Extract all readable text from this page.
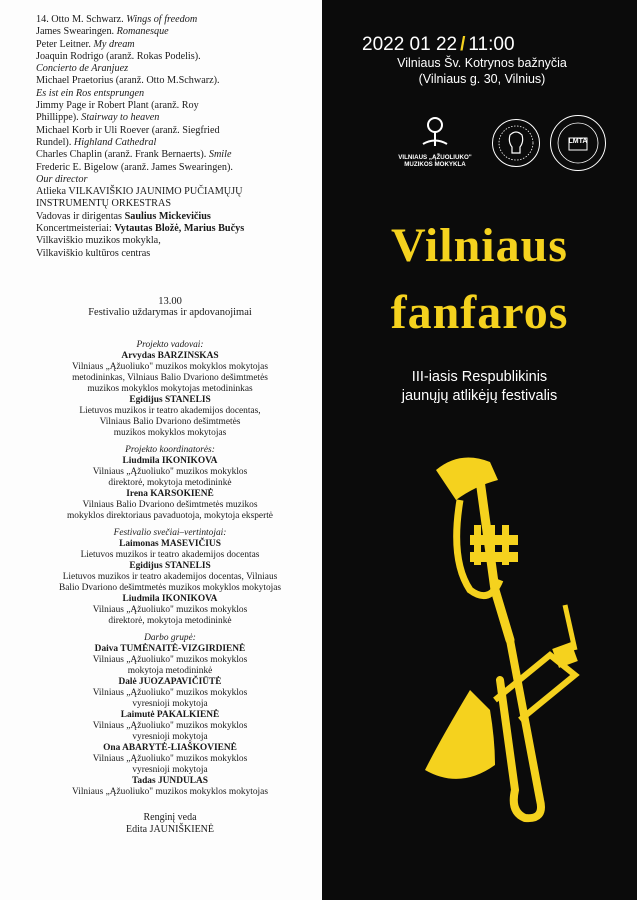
14. Otto M. Schwarz. Wings of freedom
James Swearingen. Romanesque
Peter Leitner. My dream
Joaquin Rodrigo (aranž. Rokas Podelis).
Concierto de Aranjuez
Michael Praetorius (aranž. Otto M.Schwarz).
Es ist ein Ros entsprungen
Jimmy Page ir Robert Plant (aranž. Roy
Phillippe). Stairway to heaven
Michael Korb ir Uli Roever (aranž. Siegfried
Rundel). Highland Cathedral
Charles Chaplin (aranž. Frank Bernaerts). Smile
Frederic E. Bigelow (aranž. James Swearingen).
Our director
Atlieka VILKAVIŠKIO JAUNIMO PUČIAMŲJŲ
INSTRUMENTŲ ORKESTRAS
Vadovas ir dirigentas Saulius Mickevičius
Koncertmeisteriai: Vytautas Bložė, Marius Bučys
Vilkaviškio muzikos mokykla,
Vilkaviškio kultūros centras
13.00
Festivalio uždarymas ir apdovanojimai
Projekto vadovai:
Arvydas BARZINSKAS
Vilniaus „Ąžuoliuko" muzikos mokyklos mokytojas
metodininkas, Vilniaus Balio Dvariono dešimtmetės
muzikos mokyklos mokytojas metodininkas
Egidijus STANELIS
Lietuvos muzikos ir teatro akademijos docentas,
Vilniaus Balio Dvariono dešimtmetės
muzikos mokyklos mokytojas
Projekto koordinatorės:
Liudmila IKONIKOVA
Vilniaus „Ąžuoliuko" muzikos mokyklos
direktorė, mokytoja metodininkė
Irena KARSOKIENĖ
Vilniaus Balio Dvariono dešimtmetės muzikos
mokyklos direktoriaus pavaduotoja, mokytoja ekspertė
Festivalio svečiai–vertintojai:
Laimonas MASEVIČIUS
Lietuvos muzikos ir teatro akademijos docentas
Egidijus STANELIS
Lietuvos muzikos ir teatro akademijos docentas, Vilniaus
Balio Dvariono dešimtmetės muzikos mokyklos mokytojas
Liudmila IKONIKOVA
Vilniaus „Ąžuoliuko" muzikos mokyklos
direktorė, mokytoja metodininkė
Darbo grupė:
Daiva TUMĖNAITĖ-VIZGIRDIENĖ
Vilniaus „Ąžuoliuko" muzikos mokyklos
mokytoja metodininkė
Dalė JUOZAPAVIČIŪTĖ
Vilniaus „Ąžuoliuko" muzikos mokyklos
vyresnioji mokytoja
Laimutė PAKALKIENĖ
Vilniaus „Ąžuoliuko" muzikos mokyklos
vyresnioji mokytoja
Ona ABARYTĖ-LIAŠKOVIENĖ
Vilniaus „Ąžuoliuko" muzikos mokyklos
vyresnioji mokytoja
Tadas JUNDULAS
Vilniaus „Ąžuoliuko" muzikos mokyklos mokytojas
Renginį veda
Edita JAUNIŠKIENĖ
2022 01 22 / 11:00
Vilniaus Šv. Kotrynos bažnyčia
(Vilniaus g. 30, Vilnius)
VILNIAUS „ĄŽUOLIUKO"
MUZIKOS MOKYKLA
LMTA
Vilniaus
fanfaros
III-iasis Respublikinis
jaunųjų atlikėjų festivalis
